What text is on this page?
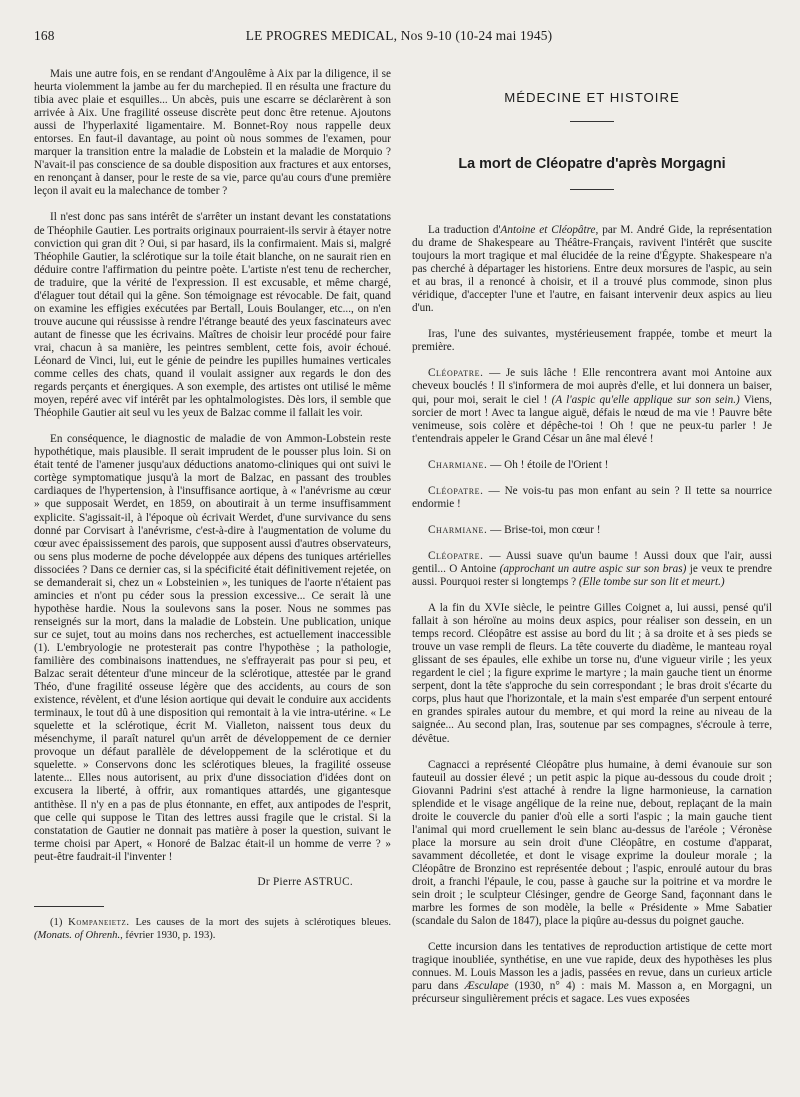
168	LE PROGRES MEDICAL, Nos 9-10 (10-24 mai 1945)

Mais une autre fois, en se rendant d'Angoulême à Aix par la diligence, il se heurta violemment la jambe au fer du marchepied. Il en résulta une fracture du tibia avec plaie et esquilles... Un abcès, puis une escarre se déclarèrent à son arrivée à Aix. Une fragilité osseuse discrète peut donc être retenue. Ajoutons aussi de l'hyperlaxité ligamentaire. M. Bonnet-Roy nous rappelle deux entorses. En faut-il davantage, au point où nous sommes de l'examen, pour marquer la transition entre la maladie de Lobstein et la maladie de Morquio ? N'avait-il pas conscience de sa double disposition aux fractures et aux entorses, en renonçant à danser, pour le reste de sa vie, parce qu'au cours d'une première leçon il avait eu la malechance de tomber ?

Il n'est donc pas sans intérêt de s'arrêter un instant devant les constatations de Théophile Gautier. Les portraits originaux pourraient-ils servir à étayer notre conviction qui gran dit ? Oui, si par hasard, ils la confirmaient. Mais si, malgré Théophile Gautier, la sclérotique sur la toile était blanche, on ne saurait rien en déduire contre l'affirmation du peintre poète. L'artiste n'est tenu de rechercher, de traduire, que la vérité de l'expression. Il est excusable, et même chargé, d'élaguer tout détail qui la gêne. Son témoignage est révocable. De fait, quand on examine les effigies exécutées par Bertall, Louis Boulanger, etc..., on n'en trouve aucune qui réussisse à rendre l'étrange beauté des yeux fascinateurs avec autant de finesse que les écrivains. Maîtres de choisir leur procédé pour faire vrai, chacun à sa manière, les peintres semblent, cette fois, avoir échoué. Léonard de Vinci, lui, eut le génie de peindre les pupilles humaines verticales comme celles des chats, quand il voulait assigner aux regards le don des regards perçants et énergiques. A son exemple, des artistes ont utilisé le même moyen, repéré avec vif intérêt par les ophtalmologistes. Dès lors, il semble que Théophile Gautier ait seul vu les yeux de Balzac comme il fallait les voir.

En conséquence, le diagnostic de maladie de von Ammon-Lobstein reste hypothétique, mais plausible. Il serait imprudent de le pousser plus loin. Si on était tenté de l'amener jusqu'aux déductions anatomo-cliniques qui ont suivi le cortège symptomatique jusqu'à la mort de Balzac, en passant des troubles cardiaques de l'hypertension, à l'insuffisance aortique, à « l'anévrisme au cœur » que supposait Werdet, en 1859, on aboutirait à un terme insuffisamment explicite. S'agissait-il, à l'époque où écrivait Werdet, d'une survivance du sens donné par Corvisart à l'anévrisme, c'est-à-dire à l'augmentation de volume du cœur avec épaississement des parois, que supposent aussi d'autres observateurs, ou sens plus moderne de poche développée aux dépens des tuniques artérielles dissociées ? Dans ce dernier cas, si la spécificité était définitivement rejetée, on se demanderait si, chez un « Lobsteinien », les tuniques de l'aorte n'étaient pas amincies et n'ont pu céder sous la pression excessive... Ce serait là une hypothèse hardie. Nous la soulevons sans la poser. Nous ne sommes pas renseignés sur la mort, dans la maladie de Lobstein. Une publication, unique sur ce sujet, tout au moins dans nos recherches, est actuellement inaccessible (1). L'embryologie ne protesterait pas contre l'hypothèse ; la pathologie, familière des combinaisons inattendues, ne s'effrayerait pas pour si peu, et Balzac serait détenteur d'une minceur de la sclérotique, attestée par le grand Théo, d'une fragilité osseuse légère que des accidents, au cours de son existence, révèlent, et d'une lésion aortique qui devait le conduire aux accidents terminaux, le tout dû à une disposition qui remontait à la vie intra-utérine. « Le squelette et la sclérotique, écrit M. Vialleton, naissent tous deux du mésenchyme, il paraît naturel qu'un arrêt de développement de ce dernier provoque un défaut parallèle de développement de la sclérotique et du squelette. » Conservons donc les sclérotiques bleues, la fragilité osseuse latente... Elles nous autorisent, au prix d'une dissociation d'idées dont on excusera la liberté, à offrir, aux romantiques attardés, une gigantesque antithèse. Il n'y en a pas de plus étonnante, en effet, aux antipodes de l'esprit, que celle qui suppose le Titan des lettres aussi fragile que le cristal. Si la constatation de Gautier ne donnait pas matière à poser la question, suivant le terme choisi par Apert, « Honoré de Balzac était-il un homme de verre ? » peut-être faudrait-il l'inventer !

Dr Pierre ASTRUC.

(1) Kompaneietz. Les causes de la mort des sujets à sclérotiques bleues. (Monats. of Ohrenh., février 1930, p. 193).

MÉDECINE ET HISTOIRE

La mort de Cléopatre d'après Morgagni

La traduction d'Antoine et Cléopâtre, par M. André Gide, la représentation du drame de Shakespeare au Théâtre-Français, ravivent l'intérêt que suscite toujours la mort tragique et mal élucidée de la reine d'Égypte. Shakespeare n'a pas cherché à départager les historiens. Entre deux morsures de l'aspic, au sein et au bras, il a renoncé à choisir, et il a trouvé plus commode, sinon plus véridique, d'accepter l'une et l'autre, en faisant intervenir deux aspics au lieu d'un.

Iras, l'une des suivantes, mystérieusement frappée, tombe et meurt la première.

Cléopatre. — Je suis lâche ! Elle rencontrera avant moi Antoine aux cheveux bouclés ! Il s'informera de moi auprès d'elle, et lui donnera un baiser, qui, pour moi, serait le ciel ! (A l'aspic qu'elle applique sur son sein.) Viens, sorcier de mort ! Avec ta langue aiguë, défais le nœud de ma vie ! Pauvre bête venimeuse, sois colère et dépêche-toi ! Oh ! que ne peux-tu parler ! Je t'entendrais appeler le Grand César un âne mal élevé !

Charmiane. — Oh ! étoile de l'Orient !

Cléopatre. — Ne vois-tu pas mon enfant au sein ? Il tette sa nourrice endormie !

Charmiane. — Brise-toi, mon cœur !

Cléopatre. — Aussi suave qu'un baume ! Aussi doux que l'air, aussi gentil... O Antoine (approchant un autre aspic sur son bras) je veux te prendre aussi. Pourquoi rester si longtemps ? (Elle tombe sur son lit et meurt.)

A la fin du XVIe siècle, le peintre Gilles Coignet a, lui aussi, pensé qu'il fallait à son héroïne au moins deux aspics, pour réaliser son dessein, en un temps record. Cléopâtre est assise au bord du lit ; à sa droite et à ses pieds se trouve un vase rempli de fleurs. La tête couverte du diadème, le manteau royal glissant de ses épaules, elle exhibe un torse nu, d'une vigueur virile ; les yeux regardent le ciel ; la figure exprime le martyre ; la main gauche tient un énorme serpent, dont la tête s'approche du sein correspondant ; le bras droit s'écarte du corps, plus haut que l'horizontale, et la main s'est emparée d'un serpent entouré en grandes spirales autour du membre, et qui mord la reine au niveau de la saignée... Au second plan, Iras, soutenue par ses compagnes, s'écroule à terre, dévêtue.

Cagnacci a représenté Cléopâtre plus humaine, à demi évanouie sur son fauteuil au dossier élevé ; un petit aspic la pique au-dessous du coude droit ; Giovanni Padrini s'est attaché à rendre la ligne harmonieuse, la carnation splendide et le visage angélique de la reine nue, debout, replaçant de la main droite le couvercle du panier d'où elle a sorti l'aspic ; la main gauche tient l'animal qui mord cruellement le sein blanc au-dessus de l'aréole ; Véronèse place la morsure au sein droit d'une Cléopâtre, en costume d'apparat, savamment décolletée, et dont le visage exprime la douleur morale ; la Cléopâtre de Bronzino est représentée debout ; l'aspic, enroulé autour du bras droit, a franchi l'épaule, le cou, passe à gauche sur la poitrine et va mordre le sein droit ; le sculpteur Clésinger, gendre de George Sand, façonnant dans le marbre les formes de son modèle, la belle « Présidente » Mme Sabatier (scandale du Salon de 1847), place la piqûre au-dessus du poignet gauche.

Cette incursion dans les tentatives de reproduction artistique de cette mort tragique inoubliée, synthétise, en une vue rapide, deux des hypothèses les plus connues. M. Louis Masson les a jadis, passées en revue, dans un curieux article paru dans Æsculape (1930, n° 4) : mais M. Masson a, en Morgagni, un précurseur singulièrement précis et sagace. Les vues exposées
